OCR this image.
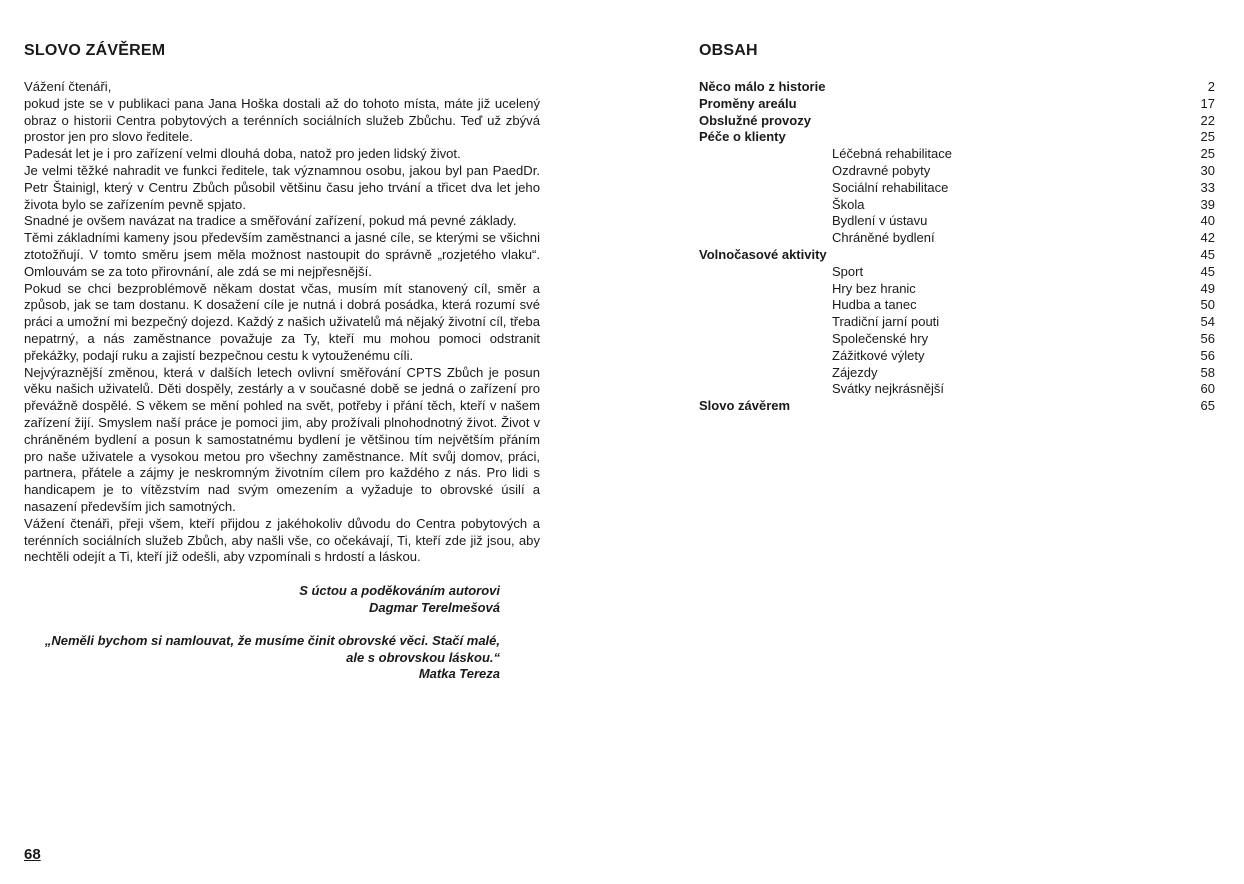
SLOVO ZÁVĚREM

Vážení čtenáři,

pokud jste se v publikaci pana Jana Hoška dostali až do tohoto místa, máte již ucelený obraz o historii Centra pobytových a terénních sociálních služeb Zbůchu. Teď už zbývá prostor jen pro slovo ředitele.

Padesát let je i pro zařízení velmi dlouhá doba, natož pro jeden lidský život.

Je velmi těžké nahradit ve funkci ředitele, tak významnou osobu, jakou byl pan PaedDr. Petr Štainigl, který v Centru Zbůch působil většinu času jeho trvání a třicet dva let jeho života bylo se zařízením pevně spjato.

Snadné je ovšem navázat na tradice a směřování zařízení, pokud má pevné základy.

Těmi základními kameny jsou především zaměstnanci a jasné cíle, se kterými se všichni ztotožňují. V tomto směru jsem měla možnost nastoupit do správně „rozjetého vlaku“. Omlouvám se za toto přirovnání, ale zdá se mi nejpřesnější.

Pokud se chci bezproblémově někam dostat včas, musím mít stanovený cíl, směr a způsob, jak se tam dostanu. K dosažení cíle je nutná i dobrá posádka, která rozumí své práci a umožní mi bezpečný dojezd. Každý z našich uživatelů má nějaký životní cíl, třeba nepatrný, a nás zaměstnance považuje za Ty, kteří mu mohou pomoci odstranit překážky, podají ruku a zajistí bezpečnou cestu k vytouženému cíli.

Nejvýraznější změnou, která v dalších letech ovlivní směřování CPTS Zbůch je posun věku našich uživatelů. Děti dospěly, zestárly a v současné době se jedná o zařízení pro převážně dospělé. S věkem se mění pohled na svět, potřeby i přání těch, kteří v našem zařízení žijí. Smyslem naší práce je pomoci jim, aby prožívali plnohodnotný život. Život v chráněném bydlení a posun k samostatnému bydlení je většinou tím největším přáním pro naše uživatele a vysokou metou pro všechny zaměstnance. Mít svůj domov, práci, partnera, přátele a zájmy je neskromným životním cílem pro každého z nás. Pro lidi s handicapem je to vítězstvím nad svým omezením a vyžaduje to obrovské úsilí a nasazení především jich samotných.

Vážení čtenáři, přeji všem, kteří přijdou z jakéhokoliv důvodu do Centra pobytových a terénních sociálních služeb Zbůch, aby našli vše, co očekávají, Ti, kteří zde již jsou, aby nechtěli odejít a Ti, kteří již odešli, aby vzpomínali s hrdostí a láskou.

S úctou a poděkováním autorovi

Dagmar Terelmešová

„Neměli bychom si namlouvat, že musíme činit obrovské věci. Stačí malé,

ale s obrovskou láskou.“

Matka Tereza

OBSAH
Něco málo z historie	2
Proměny areálu	17
Obslužné provozy	22
Péče o klienty	25
Léčebná rehabilitace	25
Ozdravné pobyty	30
Sociální rehabilitace	33
Škola	39
Bydlení v ústavu	40
Chráněné bydlení	42
Volnočasové aktivity	45
Sport	45
Hry bez hranic	49
Hudba a tanec	50
Tradiční jarní pouti	54
Společenské hry	56
Zážitkové výlety	56
Zájezdy	58
Svátky nejkrásnější	60
Slovo závěrem	65
68
